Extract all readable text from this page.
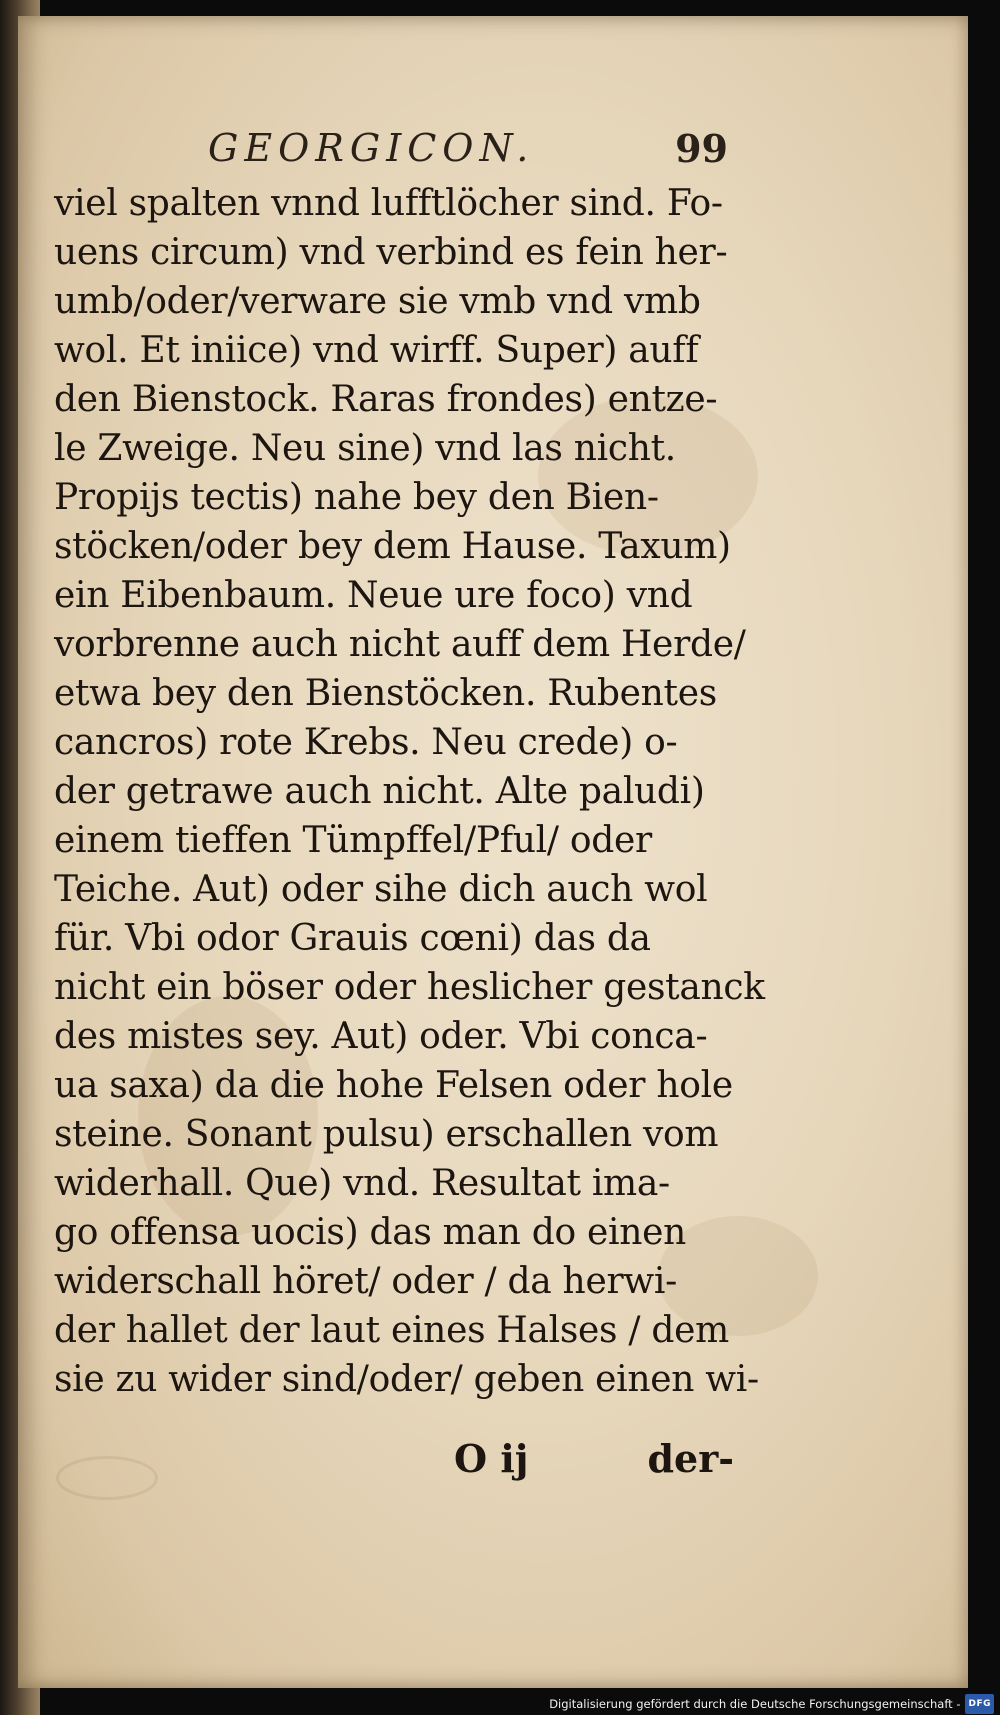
GEORGICON.	99
viel spalten vnnd lufftlöcher sind. Fo-
uens circum) vnd verbind es fein her-
umb/oder/verware sie vmb vnd vmb
wol. Et iniice) vnd wirff. Super) auff
den Bienstock. Raras frondes) entze-
le Zweige. Neu sine) vnd las nicht.
Propijs tectis) nahe bey den Bien-
stöcken/oder bey dem Hause. Taxum)
ein Eibenbaum. Neue ure foco) vnd
vorbrenne auch nicht auff dem Herde/
etwa bey den Bienstöcken. Rubentes
cancros) rote Krebs. Neu crede) o-
der getrawe auch nicht. Alte paludi)
einem tieffen Tümpffel/Pful/ oder
Teiche. Aut) oder sihe dich auch wol
für. Vbi odor Grauis cœni) das da
nicht ein böser oder heslicher gestanck
des mistes sey. Aut) oder. Vbi conca-
ua saxa) da die hohe Felsen oder hole
steine. Sonant pulsu) erschallen vom
widerhall. Que) vnd. Resultat ima-
go offensa uocis) das man do einen
widerschall höret/ oder / da herwi-
der hallet der laut eines Halses / dem
sie zu wider sind/oder/ geben einen wi-
O ij	der-
Digitalisierung gefördert durch die Deutsche Forschungsgemeinschaft - DFG
